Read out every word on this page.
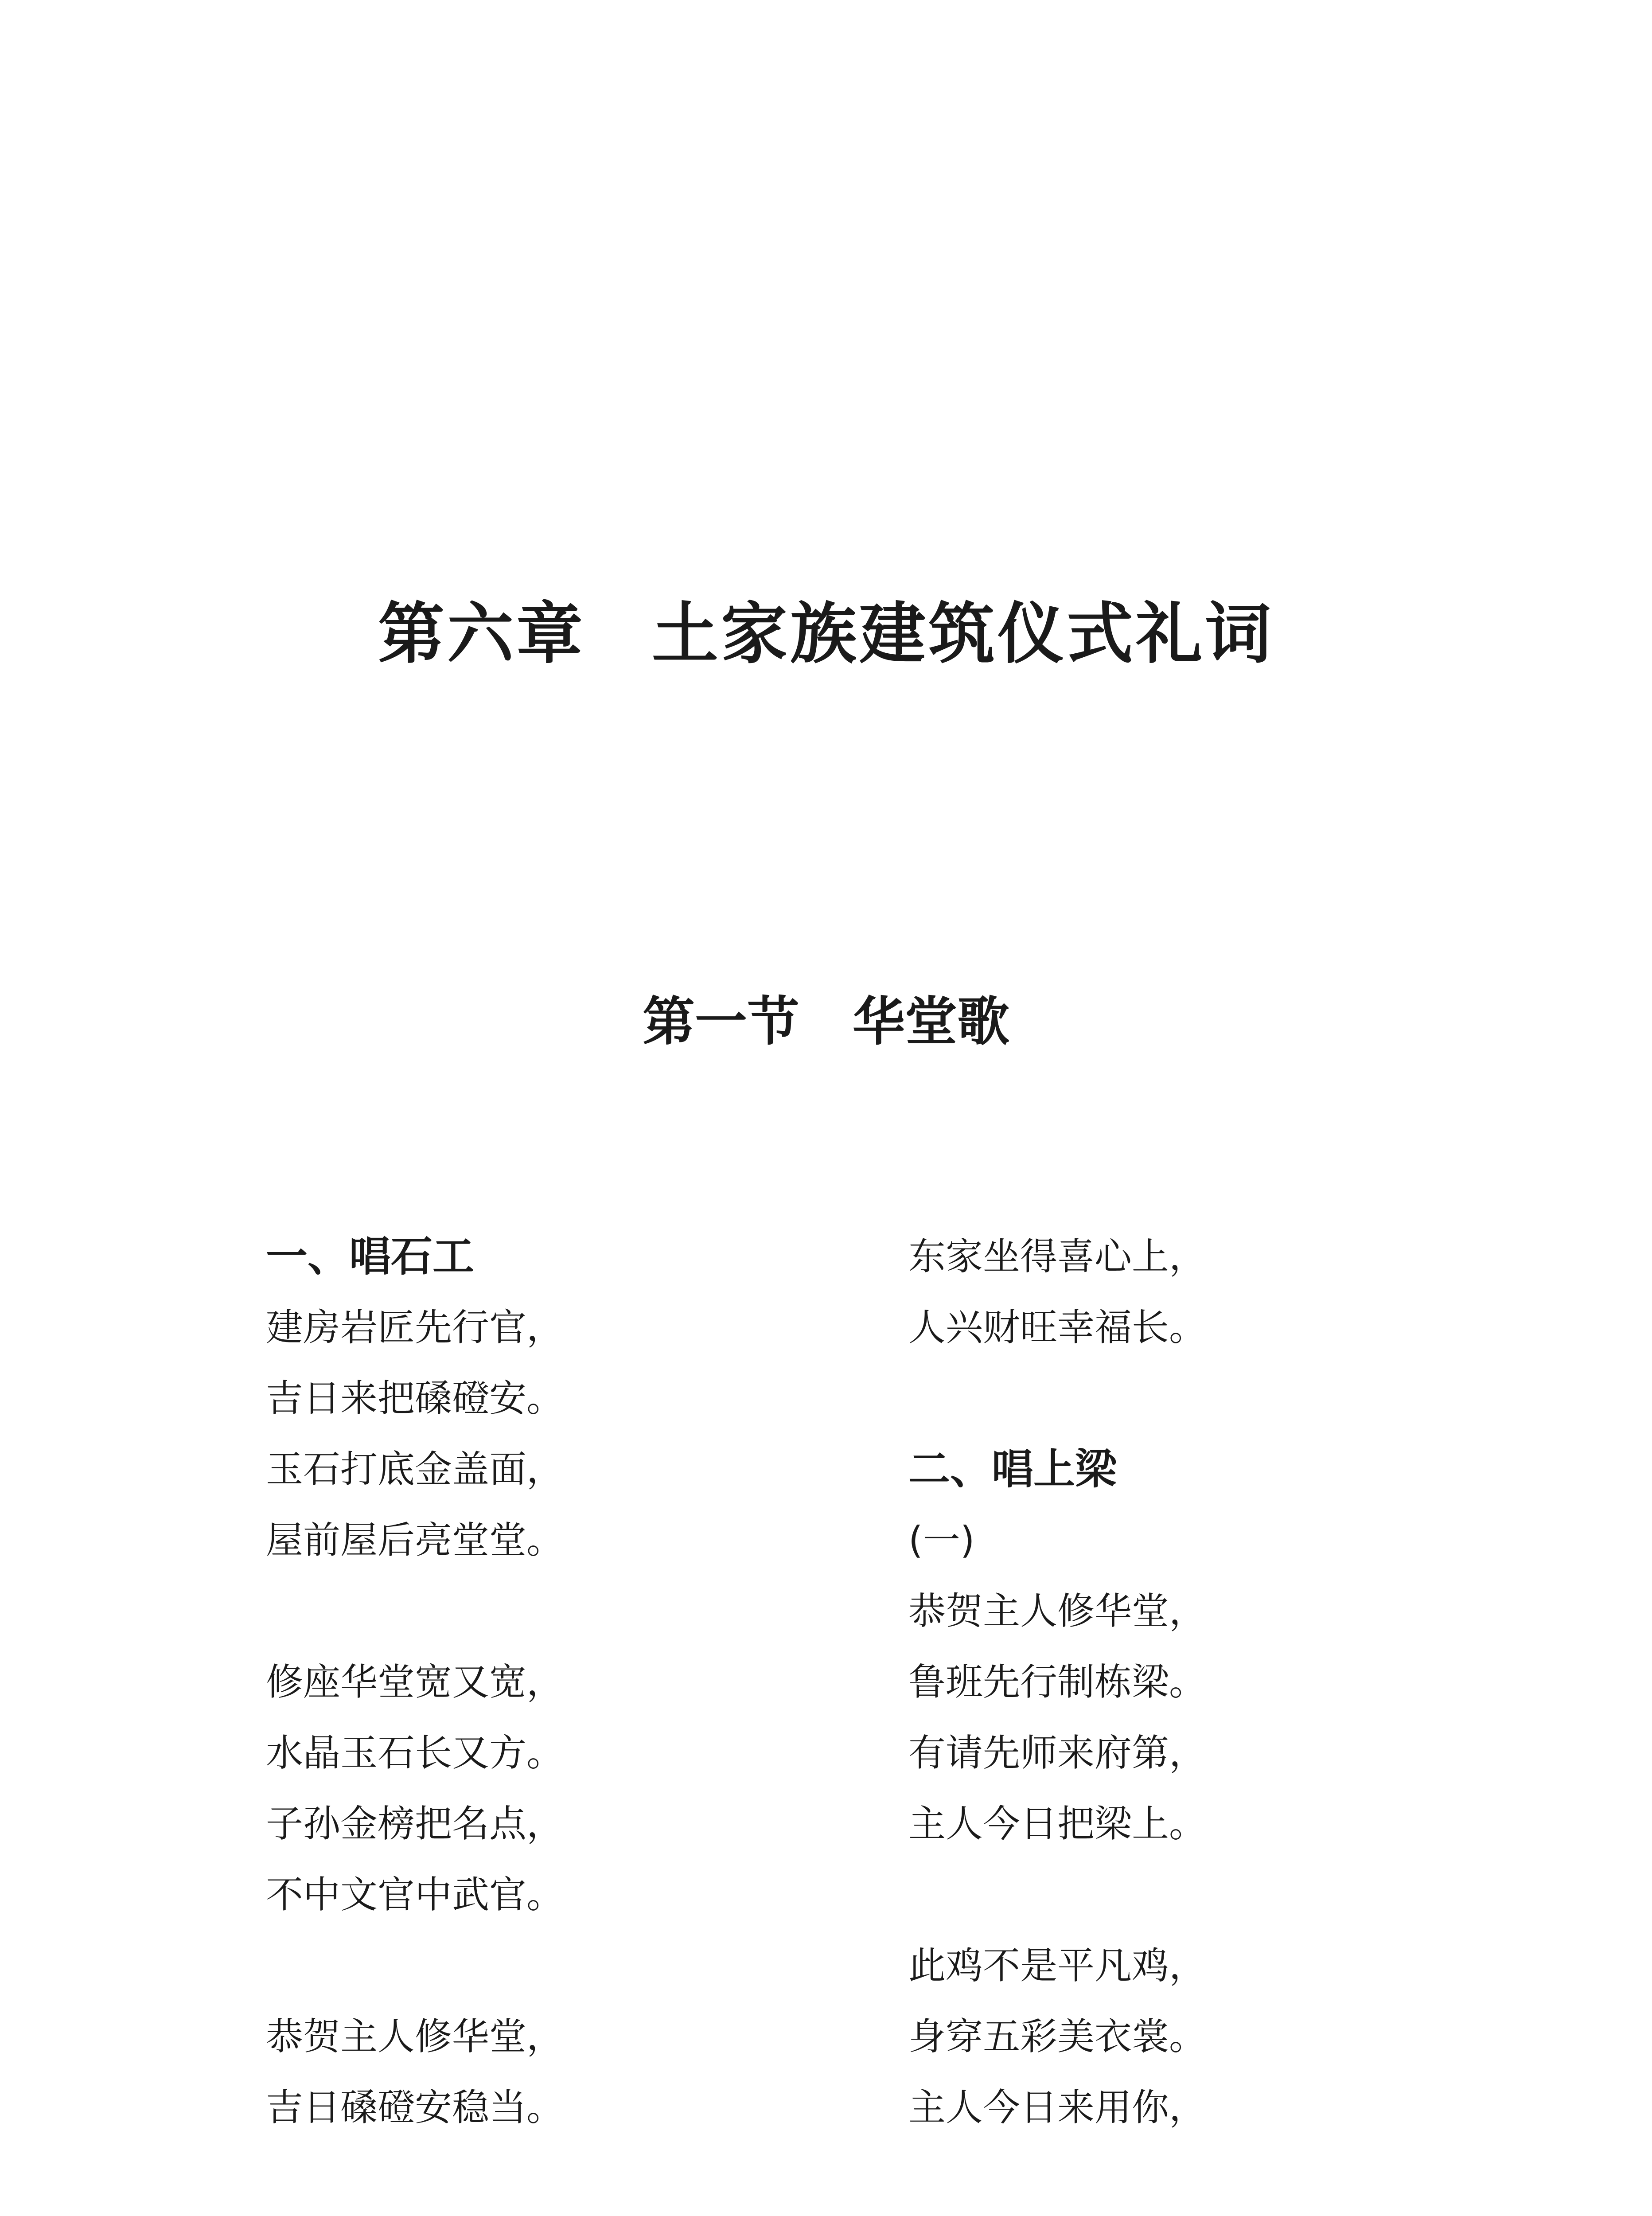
第六章 土家族建筑仪式礼词
第一节 华堂歌
一、唱石工
建房岩匠先行官，
吉日来把磉磴安。
玉石打底金盖面，
屋前屋后亮堂堂。
修座华堂宽又宽，
水晶玉石长又方。
子孙金榜把名点，
不中文官中武官。
恭贺主人修华堂，
吉日磉磴安稳当。
东家坐得喜心上，
人兴财旺幸福长。
二、唱上梁
(一)
恭贺主人修华堂，
鲁班先行制栋梁。
有请先师来府第，
主人今日把梁上。
此鸡不是平凡鸡，
身穿五彩美衣裳。
主人今日来用你，
